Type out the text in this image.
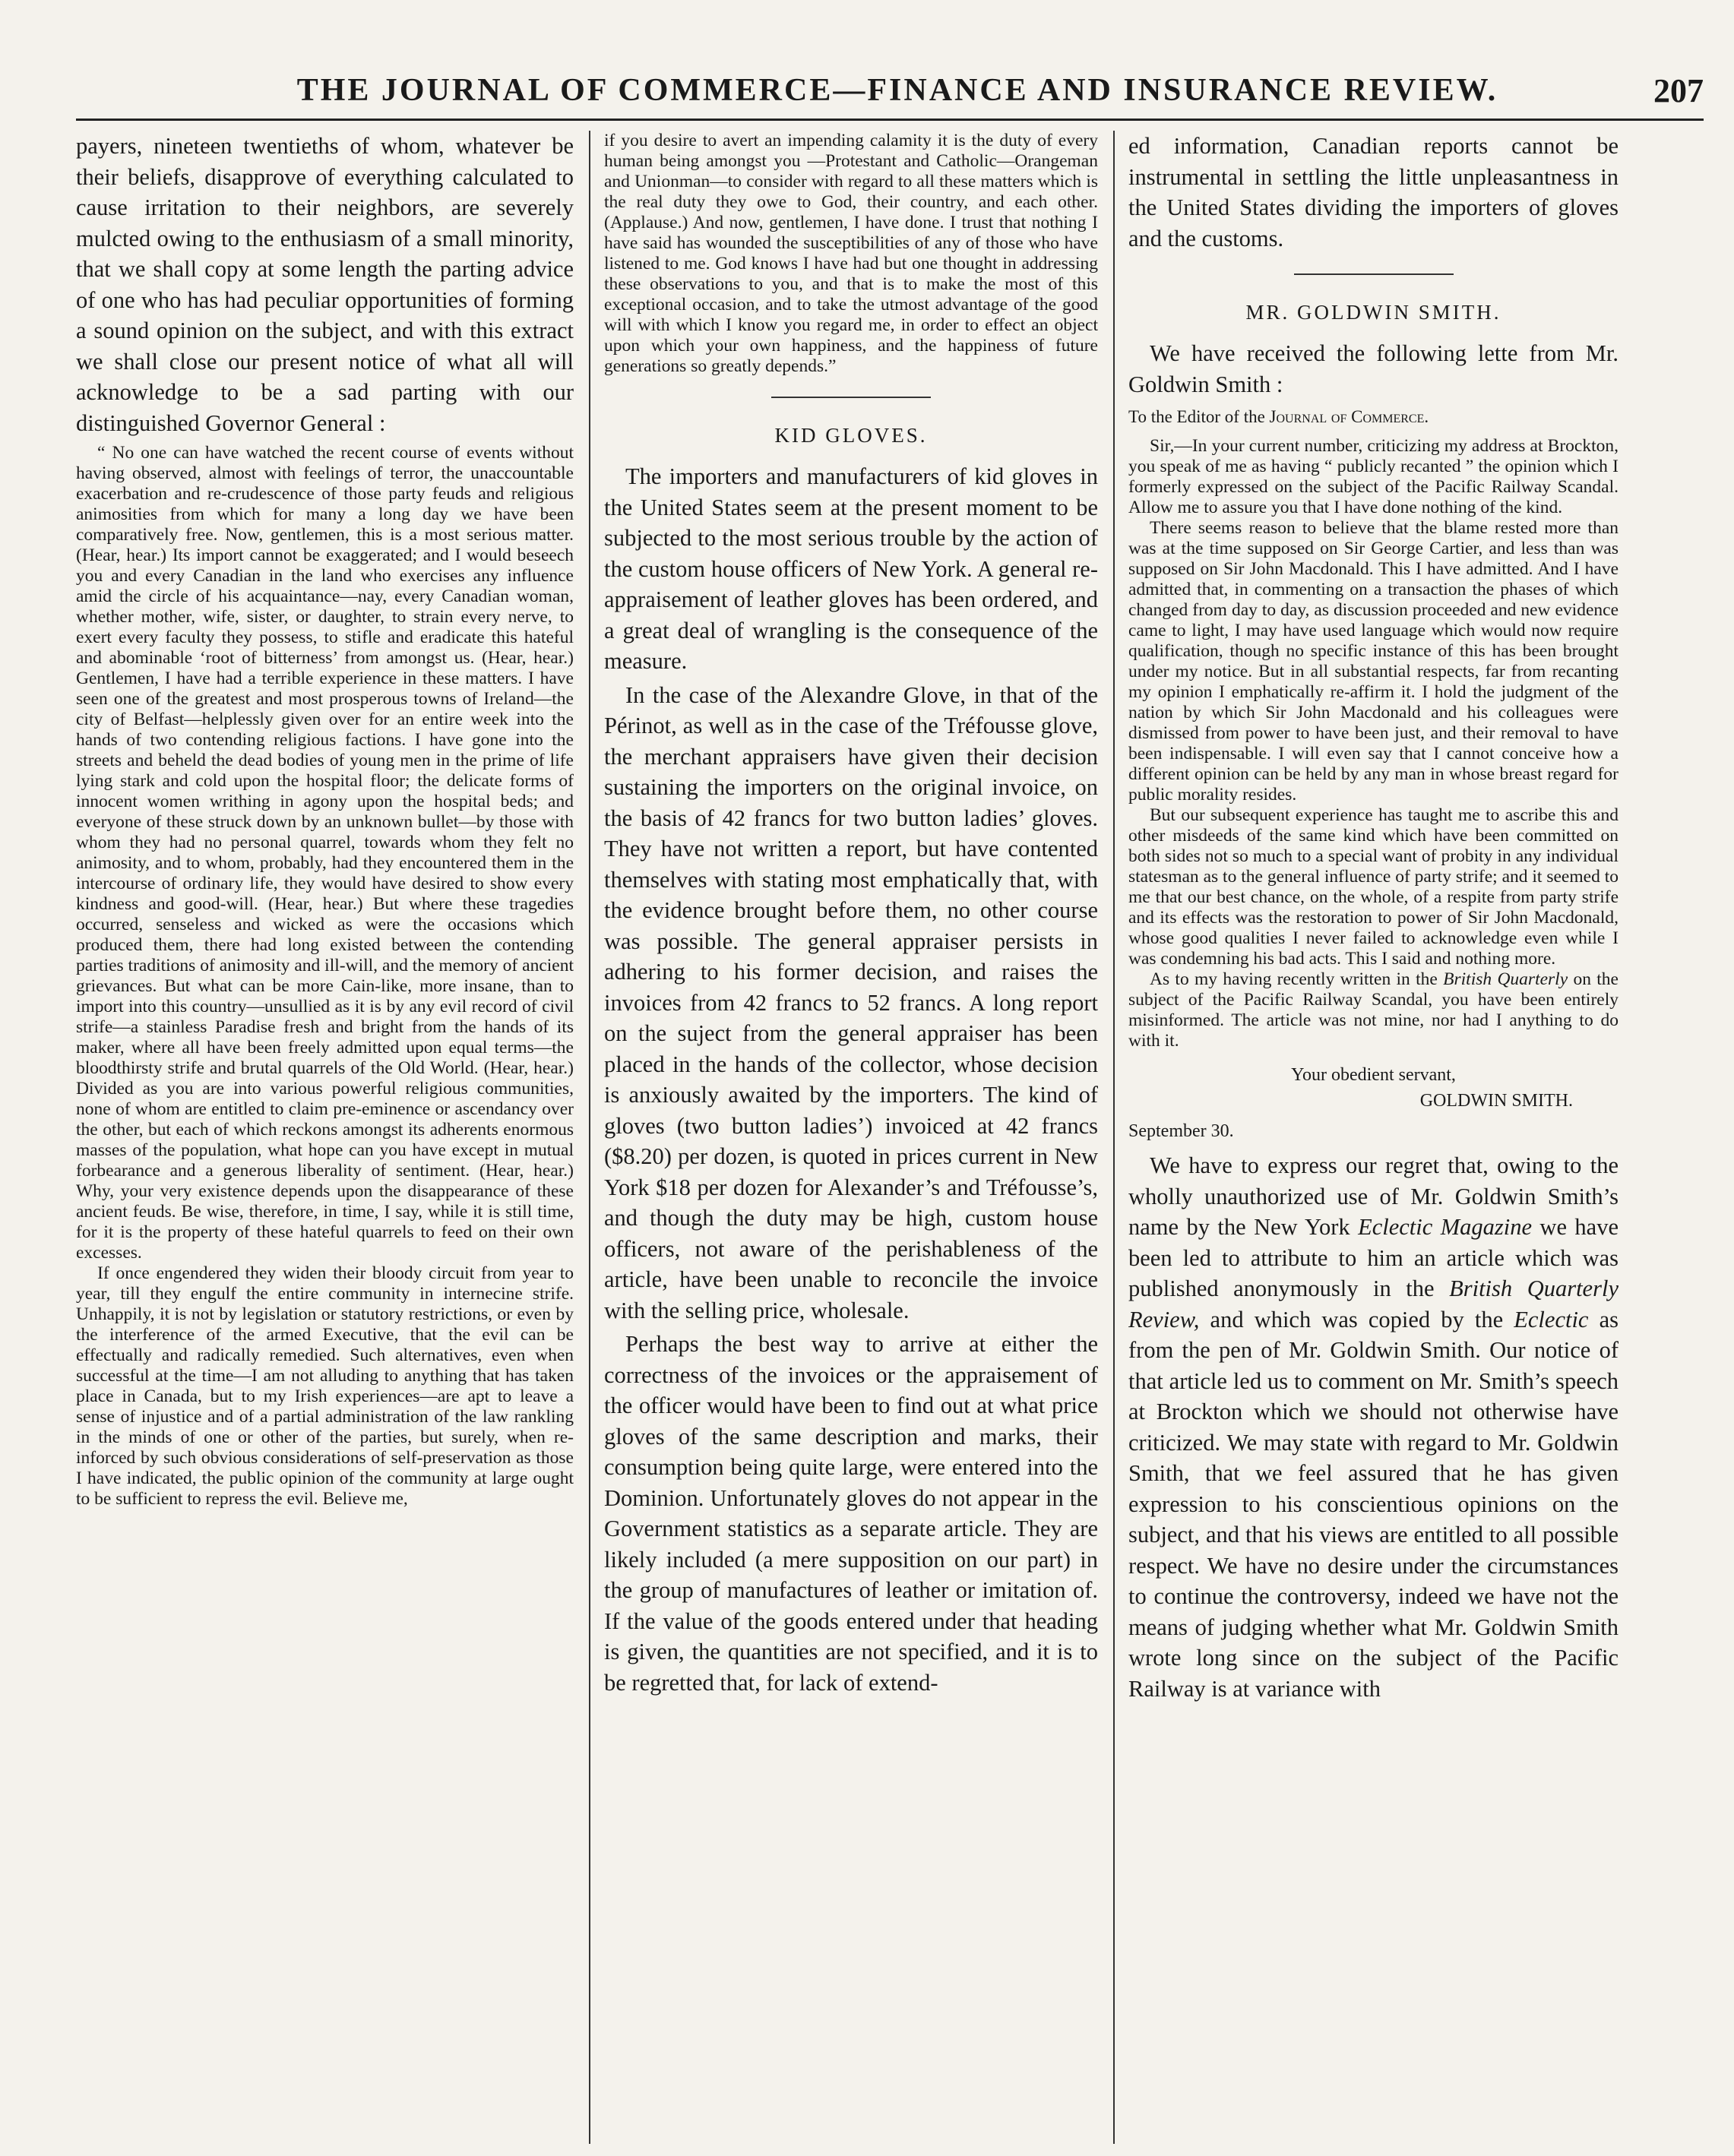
THE JOURNAL OF COMMERCE—FINANCE AND INSURANCE REVIEW.	207

payers, nineteen twentieths of whom, whatever be their beliefs, disapprove of everything calculated to cause irritation to their neighbors, are severely mulcted owing to the enthusiasm of a small minority, that we shall copy at some length the parting advice of one who has had peculiar opportunities of forming a sound opinion on the subject, and with this extract we shall close our present notice of what all will acknowledge to be a sad parting with our distinguished Governor General :

“ No one can have watched the recent course of events without having observed, almost with feelings of terror, the unaccountable exacerbation and re-crudescence of those party feuds and religious animosities from which for many a long day we have been comparatively free. Now, gentlemen, this is a most serious matter. (Hear, hear.) Its import cannot be exaggerated; and I would beseech you and every Canadian in the land who exercises any influence amid the circle of his acquaintance—nay, every Canadian woman, whether mother, wife, sister, or daughter, to strain every nerve, to exert every faculty they possess, to stifle and eradicate this hateful and abominable ‘root of bitterness’ from amongst us. (Hear, hear.) Gentlemen, I have had a terrible experience in these matters. I have seen one of the greatest and most prosperous towns of Ireland—the city of Belfast—helplessly given over for an entire week into the hands of two contending religious factions. I have gone into the streets and beheld the dead bodies of young men in the prime of life lying stark and cold upon the hospital floor; the delicate forms of innocent women writhing in agony upon the hospital beds; and everyone of these struck down by an unknown bullet—by those with whom they had no personal quarrel, towards whom they felt no animosity, and to whom, probably, had they encountered them in the intercourse of ordinary life, they would have desired to show every kindness and good-will. (Hear, hear.) But where these tragedies occurred, senseless and wicked as were the occasions which produced them, there had long existed between the contending parties traditions of animosity and ill-will, and the memory of ancient grievances. But what can be more Cain-like, more insane, than to import into this country—unsullied as it is by any evil record of civil strife—a stainless Paradise fresh and bright from the hands of its maker, where all have been freely admitted upon equal terms—the bloodthirsty strife and brutal quarrels of the Old World. (Hear, hear.) Divided as you are into various powerful religious communities, none of whom are entitled to claim pre-eminence or ascendancy over the other, but each of which reckons amongst its adherents enormous masses of the population, what hope can you have except in mutual forbearance and a generous liberality of sentiment. (Hear, hear.) Why, your very existence depends upon the disappearance of these ancient feuds. Be wise, therefore, in time, I say, while it is still time, for it is the property of these hateful quarrels to feed on their own excesses.

If once engendered they widen their bloody circuit from year to year, till they engulf the entire community in internecine strife. Unhappily, it is not by legislation or statutory restrictions, or even by the interference of the armed Executive, that the evil can be effectually and radically remedied. Such alternatives, even when successful at the time—I am not alluding to anything that has taken place in Canada, but to my Irish experiences—are apt to leave a sense of injustice and of a partial administration of the law rankling in the minds of one or other of the parties, but surely, when re-inforced by such obvious considerations of self-preservation as those I have indicated, the public opinion of the community at large ought to be sufficient to repress the evil. Believe me,

if you desire to avert an impending calamity it is the duty of every human being amongst you —Protestant and Catholic—Orangeman and Unionman—to consider with regard to all these matters which is the real duty they owe to God, their country, and each other. (Applause.) And now, gentlemen, I have done. I trust that nothing I have said has wounded the susceptibilities of any of those who have listened to me. God knows I have had but one thought in addressing these observations to you, and that is to make the most of this exceptional occasion, and to take the utmost advantage of the good will with which I know you regard me, in order to effect an object upon which your own happiness, and the happiness of future generations so greatly depends.”

KID GLOVES.

The importers and manufacturers of kid gloves in the United States seem at the present moment to be subjected to the most serious trouble by the action of the custom house officers of New York. A general re-appraisement of leather gloves has been ordered, and a great deal of wrangling is the consequence of the measure.

In the case of the Alexandre Glove, in that of the Périnot, as well as in the case of the Tréfousse glove, the merchant appraisers have given their decision sustaining the importers on the original invoice, on the basis of 42 francs for two button ladies’ gloves. They have not written a report, but have contented themselves with stating most emphatically that, with the evidence brought before them, no other course was possible. The general appraiser persists in adhering to his former decision, and raises the invoices from 42 francs to 52 francs. A long report on the suject from the general appraiser has been placed in the hands of the collector, whose decision is anxiously awaited by the importers. The kind of gloves (two button ladies’) invoiced at 42 francs ($8.20) per dozen, is quoted in prices current in New York $18 per dozen for Alexander’s and Tréfousse’s, and though the duty may be high, custom house officers, not aware of the perishableness of the article, have been unable to reconcile the invoice with the selling price, wholesale.

Perhaps the best way to arrive at either the correctness of the invoices or the appraisement of the officer would have been to find out at what price gloves of the same description and marks, their consumption being quite large, were entered into the Dominion. Unfortunately gloves do not appear in the Government statistics as a separate article. They are likely included (a mere supposition on our part) in the group of manufactures of leather or imitation of. If the value of the goods entered under that heading is given, the quantities are not specified, and it is to be regretted that, for lack of extend-

ed information, Canadian reports cannot be instrumental in settling the little unpleasantness in the United States dividing the importers of gloves and the customs.

MR. GOLDWIN SMITH.

We have received the following lette from Mr. Goldwin Smith :

To the Editor of the Journal of Commerce.

Sir,—In your current number, criticizing my address at Brockton, you speak of me as having “ publicly recanted ” the opinion which I formerly expressed on the subject of the Pacific Railway Scandal. Allow me to assure you that I have done nothing of the kind.

There seems reason to believe that the blame rested more than was at the time supposed on Sir George Cartier, and less than was supposed on Sir John Macdonald. This I have admitted. And I have admitted that, in commenting on a transaction the phases of which changed from day to day, as discussion proceeded and new evidence came to light, I may have used language which would now require qualification, though no specific instance of this has been brought under my notice. But in all substantial respects, far from recanting my opinion I emphatically re-affirm it. I hold the judgment of the nation by which Sir John Macdonald and his colleagues were dismissed from power to have been just, and their removal to have been indispensable. I will even say that I cannot conceive how a different opinion can be held by any man in whose breast regard for public morality resides.

But our subsequent experience has taught me to ascribe this and other misdeeds of the same kind which have been committed on both sides not so much to a special want of probity in any individual statesman as to the general influence of party strife; and it seemed to me that our best chance, on the whole, of a respite from party strife and its effects was the restoration to power of Sir John Macdonald, whose good qualities I never failed to acknowledge even while I was condemning his bad acts. This I said and nothing more.

As to my having recently written in the British Quarterly on the subject of the Pacific Railway Scandal, you have been entirely misinformed. The article was not mine, nor had I anything to do with it.

Your obedient servant,
GOLDWIN SMITH.
September 30.

We have to express our regret that, owing to the wholly unauthorized use of Mr. Goldwin Smith’s name by the New York Eclectic Magazine we have been led to attribute to him an article which was published anonymously in the British Quarterly Review, and which was copied by the Eclectic as from the pen of Mr. Goldwin Smith. Our notice of that article led us to comment on Mr. Smith’s speech at Brockton which we should not otherwise have criticized. We may state with regard to Mr. Goldwin Smith, that we feel assured that he has given expression to his conscientious opinions on the subject, and that his views are entitled to all possible respect. We have no desire under the circumstances to continue the controversy, indeed we have not the means of judging whether what Mr. Goldwin Smith wrote long since on the subject of the Pacific Railway is at variance with
